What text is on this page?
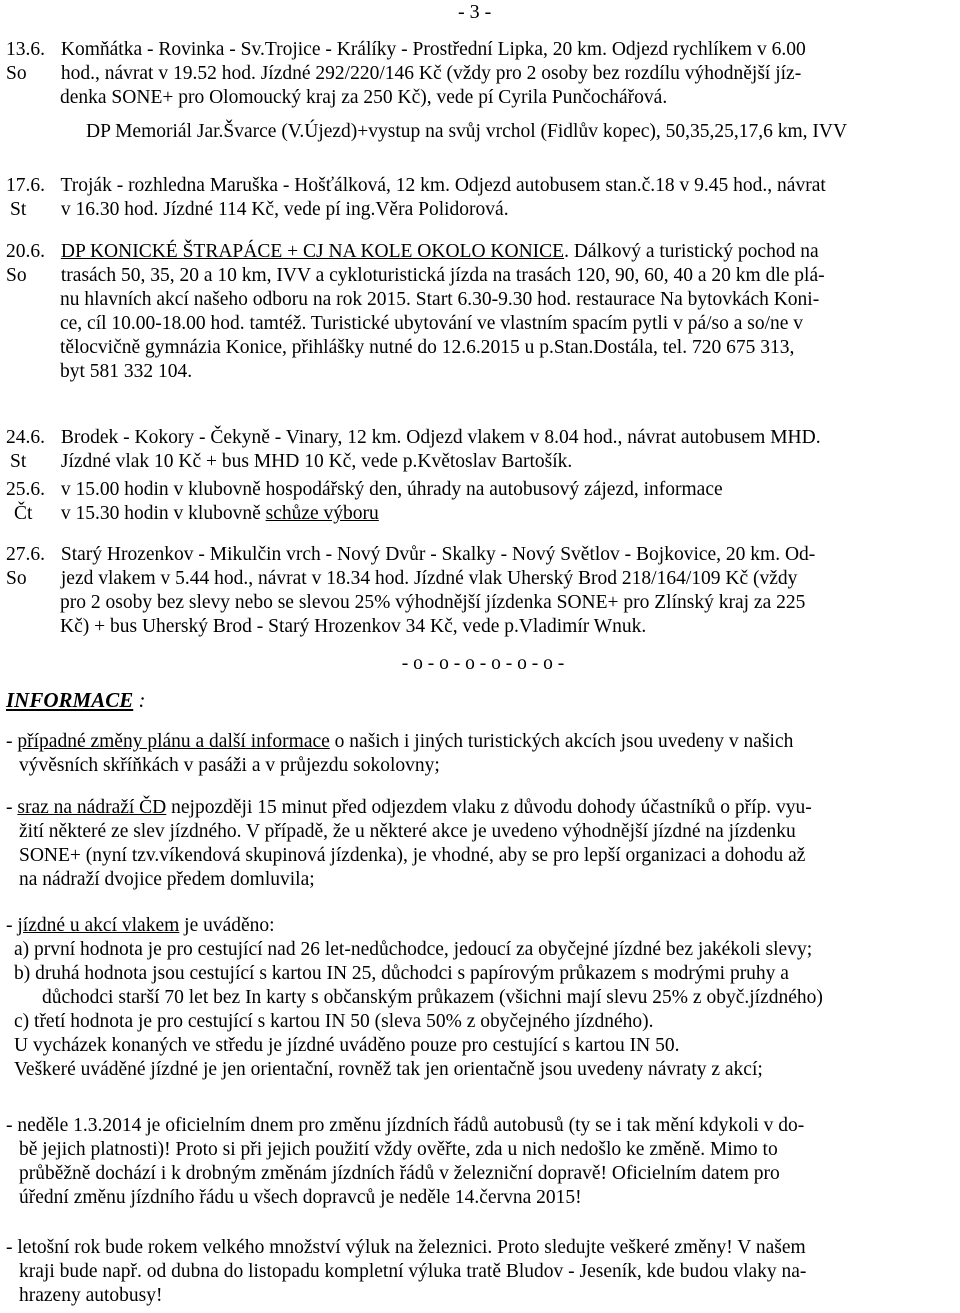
- 3 -
13.6. Komňátka - Rovinka - Sv.Trojice - Králíky - Prostřední Lipka, 20 km. Odjezd rychlíkem v 6.00
So hod., návrat v 19.52 hod. Jízdné 292/220/146 Kč (vždy pro 2 osoby bez rozdílu výhodnější jíz-
denka SONE+ pro Olomoucký kraj za 250 Kč), vede pí Cyrila Punčochářová.
DP Memoriál Jar.Švarce (V.Újezd)+vystup na svůj vrchol (Fidlův kopec), 50,35,25,17,6 km, IVV
17.6. Troják - rozhledna Maruška - Hošťálková, 12 km. Odjezd autobusem stan.č.18 v 9.45 hod., návrat
St v 16.30 hod. Jízdné 114 Kč, vede pí ing.Věra Polidorová.
20.6. DP KONICKÉ ŠTRAPÁCE + CJ NA KOLE OKOLO KONICE. Dálkový a turistický pochod na
So trasách 50, 35, 20 a 10 km, IVV a cykloturistická jízda na trasách 120, 90, 60, 40 a 20 km dle plá-
nu hlavních akcí našeho odboru na rok 2015. Start 6.30-9.30 hod. restaurace Na bytovkách Koni-
ce, cíl 10.00-18.00 hod. tamtéž. Turistické ubytování ve vlastním spacím pytli v pá/so a so/ne v
tělocvičně gymnázia Konice, přihlášky nutné do 12.6.2015 u p.Stan.Dostála, tel. 720 675 313,
byt 581 332 104.
24.6. Brodek - Kokory - Čekyně - Vinary, 12 km. Odjezd vlakem v 8.04 hod., návrat autobusem MHD.
St Jízdné vlak 10 Kč + bus MHD 10 Kč, vede p.Květoslav Bartošík.
25.6. v 15.00 hodin v klubovně hospodářský den, úhrady na autobusový zájezd, informace
Čt v 15.30 hodin v klubovně schůze výboru
27.6. Starý Hrozenkov - Mikulčin vrch - Nový Dvůr - Skalky - Nový Světlov - Bojkovice, 20 km. Od-
So jezd vlakem v 5.44 hod., návrat v 18.34 hod. Jízdné vlak Uherský Brod 218/164/109 Kč (vždy
pro 2 osoby bez slevy nebo se slevou 25% výhodnější jízdenka SONE+ pro Zlínský kraj za 225
Kč) + bus Uherský Brod - Starý Hrozenkov 34 Kč, vede p.Vladimír Wnuk.
- o - o - o - o - o - o -
INFORMACE :
- případné změny plánu a další informace o našich i jiných turistických akcích jsou uvedeny v našich
vývěsních skříňkách v pasáži a v průjezdu sokolovny;
- sraz na nádraží ČD nejpozději 15 minut před odjezdem vlaku z důvodu dohody účastníků o příp. vyu-
žití některé ze slev jízdného. V případě, že u některé akce je uvedeno výhodnější jízdné na jízdenku
SONE+ (nyní tzv.víkendová skupinová jízdenka), je vhodné, aby se pro lepší organizaci a dohodu až
na nádraží dvojice předem domluvila;
- jízdné u akcí vlakem je uváděno:
a) první hodnota je pro cestující nad 26 let-nedůchodce, jedoucí za obyčejné jízdné bez jakékoli slevy;
b) druhá hodnota jsou cestující s kartou IN 25, důchodci s papírovým průkazem s modrými pruhy a
důchodci starší 70 let bez In karty s občanským průkazem (všichni mají slevu 25% z obyč.jízdného)
c) třetí hodnota je pro cestující s kartou IN 50 (sleva 50% z obyčejného jízdného).
U vycházek konaných ve středu je jízdné uváděno pouze pro cestující s kartou IN 50.
Veškeré uváděné jízdné je jen orientační, rovněž tak jen orientačně jsou uvedeny návraty z akcí;
- neděle 1.3.2014 je oficielním dnem pro změnu jízdních řádů autobusů (ty se i tak mění kdykoli v do-
bě jejich platnosti)! Proto si při jejich použití vždy ověřte, zda u nich nedošlo ke změně. Mimo to
průběžně dochází i k drobným změnám jízdních řádů v železniční dopravě! Oficielním datem pro
úřední změnu jízdního řádu u všech dopravců je neděle 14.června 2015!
- letošní rok bude rokem velkého množství výluk na železnici. Proto sledujte veškeré změny! V našem
kraji bude např. od dubna do listopadu kompletní výluka tratě Bludov - Jeseník, kde budou vlaky na-
hrazeny autobusy!
